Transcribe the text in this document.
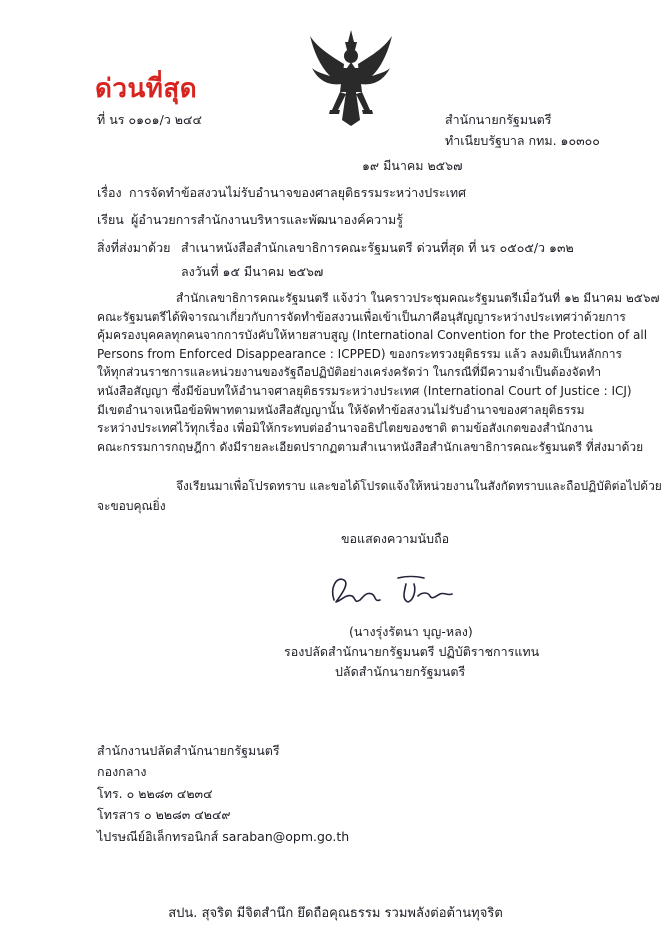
ด่วนที่สุด
ที่ นร ๐๑๐๑/ว ๒๔๔	สำนักนายกรัฐมนตรี
ทำเนียบรัฐบาล กทม. ๑๐๓๐๐
๑๙ มีนาคม ๒๕๖๗
เรื่อง การจัดทำข้อสงวนไม่รับอำนาจของศาลยุติธรรมระหว่างประเทศ
เรียน ผู้อำนวยการสำนักงานบริหารและพัฒนาองค์ความรู้
สิ่งที่ส่งมาด้วย สำเนาหนังสือสำนักเลขาธิการคณะรัฐมนตรี ด่วนที่สุด ที่ นร ๐๕๐๕/ว ๑๓๒
ลงวันที่ ๑๕ มีนาคม ๒๕๖๗

สำนักเลขาธิการคณะรัฐมนตรี แจ้งว่า ในคราวประชุมคณะรัฐมนตรีเมื่อวันที่ ๑๒ มีนาคม ๒๕๖๗

คณะรัฐมนตรีได้พิจารณาเกี่ยวกับการจัดทำข้อสงวนเพื่อเข้าเป็นภาคีอนุสัญญาระหว่างประเทศว่าด้วยการ

คุ้มครองบุคคลทุกคนจากการบังคับให้หายสาบสูญ (International Convention for the Protection of all

Persons from Enforced Disappearance : ICPPED) ของกระทรวงยุติธรรม แล้ว ลงมติเป็นหลักการ

ให้ทุกส่วนราชการและหน่วยงานของรัฐถือปฏิบัติอย่างเคร่งครัดว่า ในกรณีที่มีความจำเป็นต้องจัดทำ

หนังสือสัญญา ซึ่งมีข้อบทให้อำนาจศาลยุติธรรมระหว่างประเทศ (International Court of Justice : ICJ)

มีเขตอำนาจเหนือข้อพิพาทตามหนังสือสัญญานั้น ให้จัดทำข้อสงวนไม่รับอำนาจของศาลยุติธรรม

ระหว่างประเทศไว้ทุกเรื่อง เพื่อมิให้กระทบต่ออำนาจอธิปไตยของชาติ ตามข้อสังเกตของสำนักงาน

คณะกรรมการกฤษฎีกา ดังมีรายละเอียดปรากฏตามสำเนาหนังสือสำนักเลขาธิการคณะรัฐมนตรี ที่ส่งมาด้วย

จึงเรียนมาเพื่อโปรดทราบ และขอได้โปรดแจ้งให้หน่วยงานในสังกัดทราบและถือปฏิบัติต่อไปด้วย

จะขอบคุณยิ่ง

ขอแสดงความนับถือ
(นางรุ่งรัตนา บุญ-หลง)
รองปลัดสำนักนายกรัฐมนตรี ปฏิบัติราชการแทน
ปลัดสำนักนายกรัฐมนตรี
สำนักงานปลัดสำนักนายกรัฐมนตรี
กองกลาง
โทร. ๐ ๒๒๘๓ ๔๒๓๔
โทรสาร ๐ ๒๒๘๓ ๔๒๔๙
ไปรษณีย์อิเล็กทรอนิกส์ saraban@opm.go.th
สปน. สุจริต มีจิตสำนึก ยึดถือคุณธรรม รวมพลังต่อต้านทุจริต
